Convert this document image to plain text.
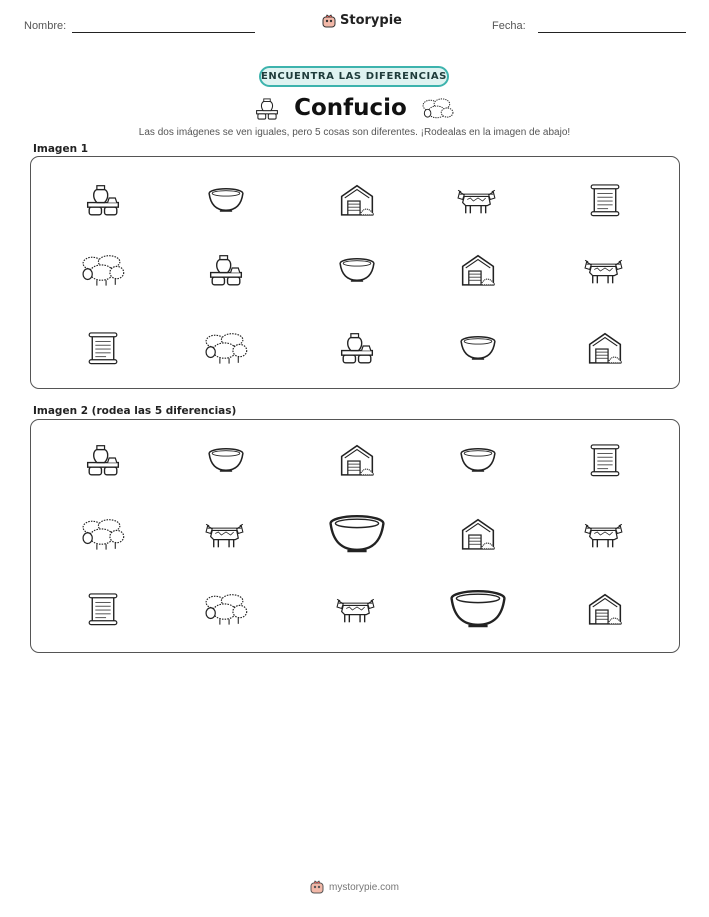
Nombre:	Storypie	Fecha:
ENCUENTRA LAS DIFERENCIAS
Confucio
Las dos imágenes se ven iguales, pero 5 cosas son diferentes. ¡Rodealas en la imagen de abajo!
Imagen 1
Imagen 2 (rodea las 5 diferencias)
mystorypie.com
